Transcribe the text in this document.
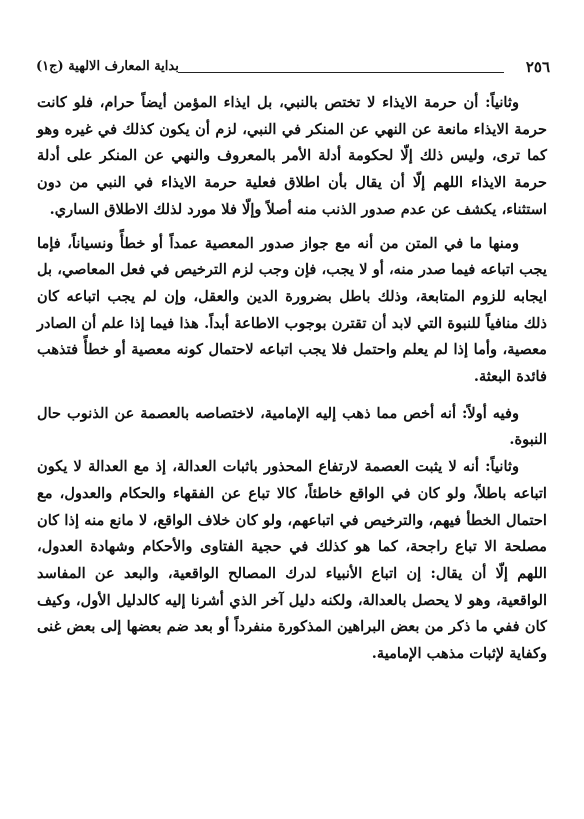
٢٥٦
بداية المعارف الالهية (ج١)

وثانياً: أن حرمة الايذاء لا تختص بالنبي، بل ايذاء المؤمن أيضاً حرام، فلو كانت حرمة الايذاء مانعة عن النهي عن المنكر في النبي، لزم أن يكون كذلك في غيره وهو كما ترى، وليس ذلك إلّا لحكومة أدلة الأمر بالمعروف والنهي عن المنكر على أدلة حرمة الايذاء اللهم إلّا أن يقال بأن اطلاق فعلية حرمة الايذاء في النبي من دون استثناء، يكشف عن عدم صدور الذنب منه أصلاً وإلّا فلا مورد لذلك الاطلاق الساري.

ومنها ما في المتن من أنه مع جواز صدور المعصية عمداً أو خطأً ونسياناً، فإما يجب اتباعه فيما صدر منه، أو لا يجب، فإن وجب لزم الترخيص في فعل المعاصي، بل ايجابه للزوم المتابعة، وذلك باطل بضرورة الدين والعقل، وإن لم يجب اتباعه كان ذلك منافياً للنبوة التي لابد أن تقترن بوجوب الاطاعة أبداً. هذا فيما إذا علم أن الصادر معصية، وأما إذا لم يعلم واحتمل فلا يجب اتباعه لاحتمال كونه معصية أو خطأً فتذهب فائدة البعثة.

وفيه أولاً: أنه أخص مما ذهب إليه الإمامية، لاختصاصه بالعصمة عن الذنوب حال النبوة.

وثانياً: أنه لا يثبت العصمة لارتفاع المحذور باثبات العدالة، إذ مع العدالة لا يكون اتباعه باطلاً، ولو كان في الواقع خاطئاً، كالا تباع عن الفقهاء والحكام والعدول، مع احتمال الخطأ فيهم، والترخيص في اتباعهم، ولو كان خلاف الواقع، لا مانع منه إذا كان مصلحة الا تباع راجحة، كما هو كذلك في حجية الفتاوى والأحكام وشهادة العدول، اللهم إلّا أن يقال: إن اتباع الأنبياء لدرك المصالح الواقعية، والبعد عن المفاسد الواقعية، وهو لا يحصل بالعدالة، ولكنه دليل آخر الذي أشرنا إليه كالدليل الأول، وكيف كان ففي ما ذكر من بعض البراهين المذكورة منفرداً أو بعد ضم بعضها إلى بعض غنى وكفاية لإثبات مذهب الإمامية.
